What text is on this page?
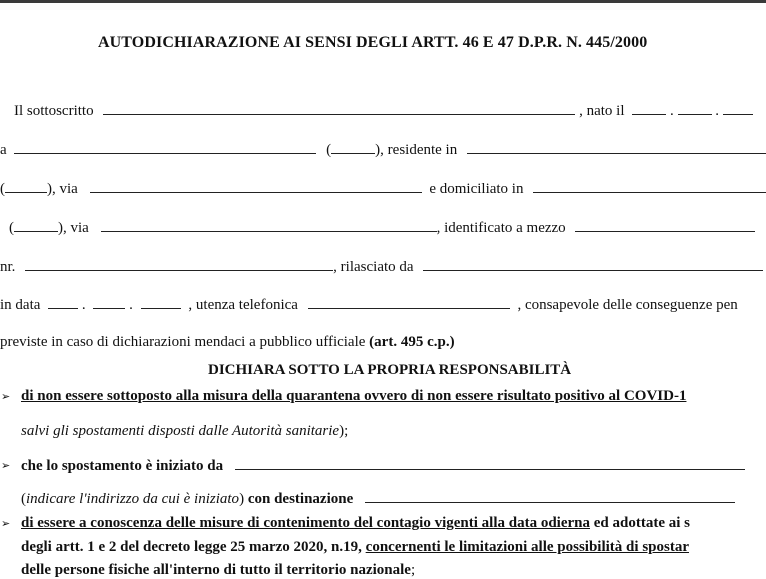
AUTODICHIARAZIONE AI SENSI DEGLI ARTT. 46 E 47 D.P.R. N. 445/2000
Il sottoscritto	, nato il	.	.
a	(	), residente in
(	), via	e domiciliato in
(	), via	, identificato a mezzo
nr.	, rilasciato da
in data	.	.	, utenza telefonica	, consapevole delle conseguenze pen
previste in caso di dichiarazioni mendaci a pubblico ufficiale (art. 495 c.p.)
DICHIARA SOTTO LA PROPRIA RESPONSABILITÀ
➢ di non essere sottoposto alla misura della quarantena ovvero di non essere risultato positivo al COVID-1
salvi gli spostamenti disposti dalle Autorità sanitarie);
➢ che lo spostamento è iniziato da
(indicare l'indirizzo da cui è iniziato) con destinazione
➢ di essere a conoscenza delle misure di contenimento del contagio vigenti alla data odierna ed adottate ai s
degli artt. 1 e 2 del decreto legge 25 marzo 2020, n.19, concernenti le limitazioni alle possibilità di spostar
delle persone fisiche all'interno di tutto il territorio nazionale;
